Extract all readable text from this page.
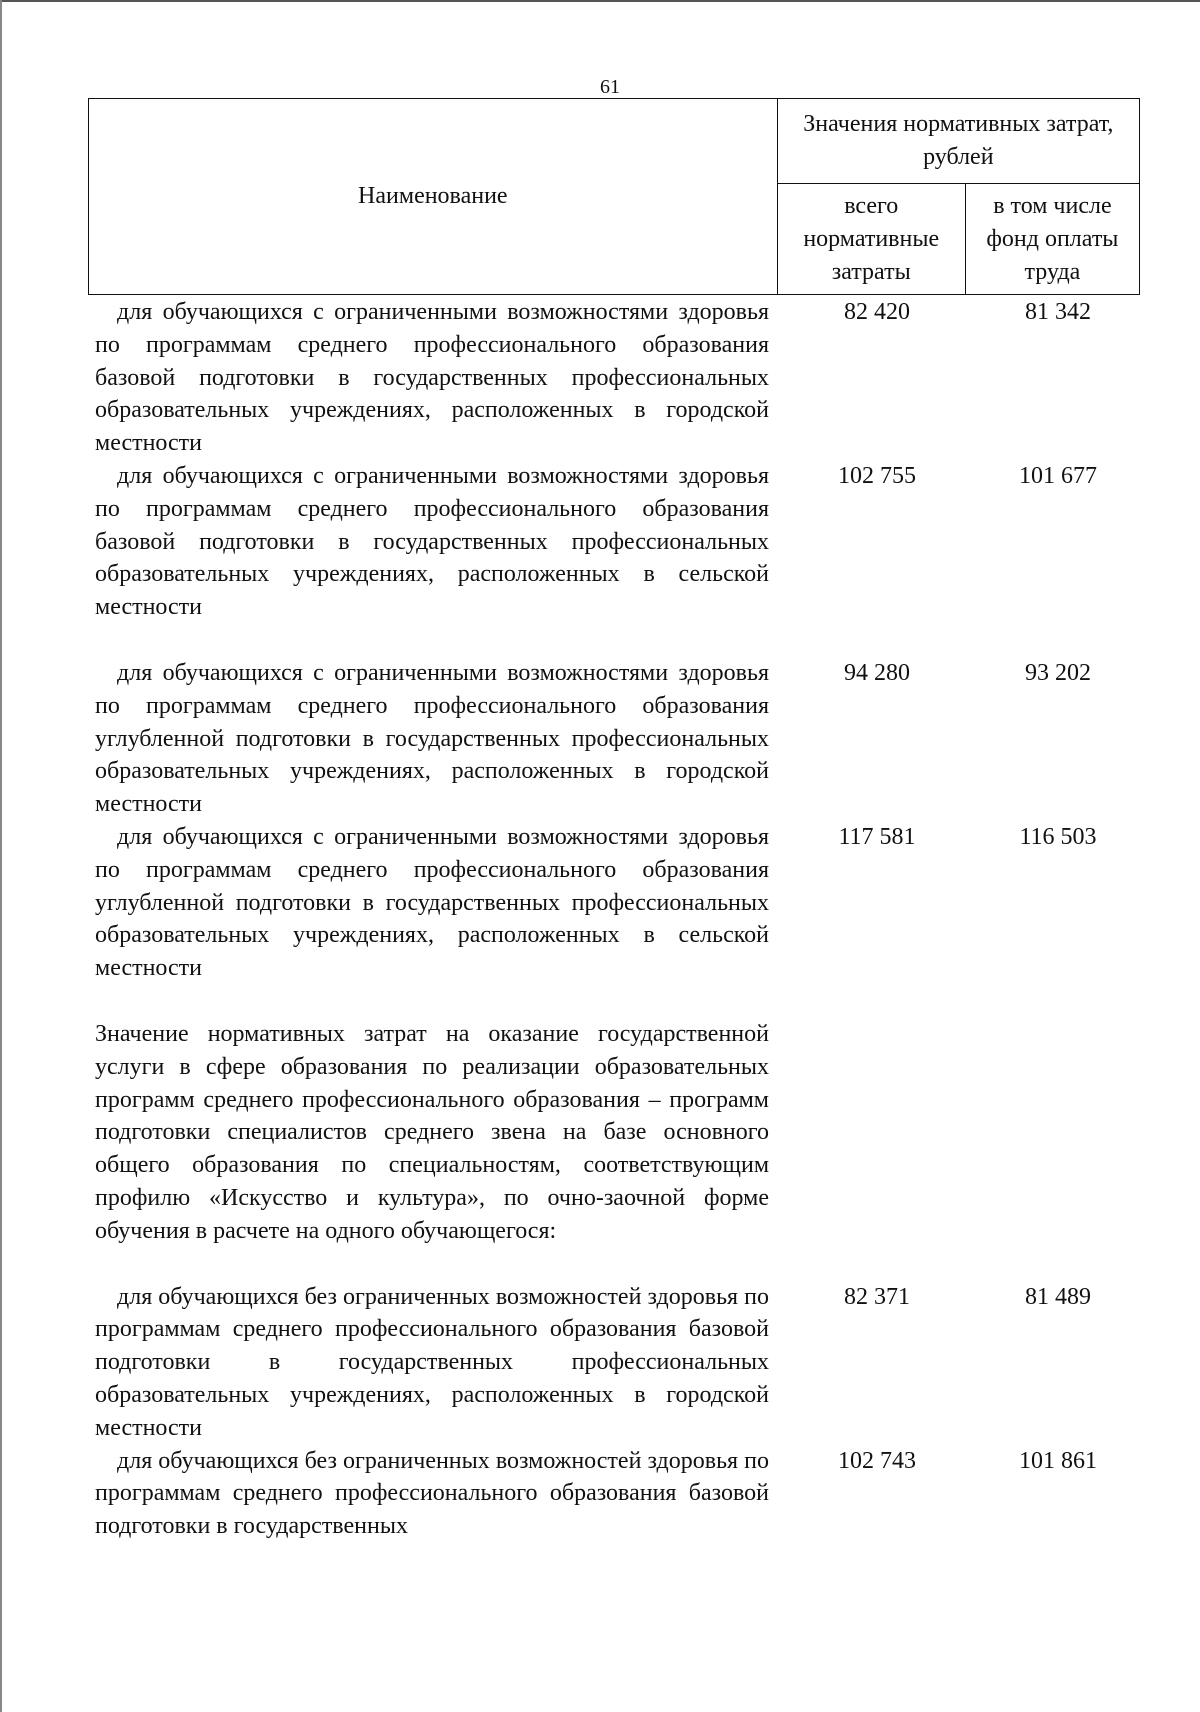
61
Наименование	Значения нормативных затрат, рублей	
	всего нормативные затраты	в том числе фонд оплаты труда
для обучающихся с ограниченными возможностями здоровья по программам среднего профессионального образования базовой подготовки в государственных профессиональных образовательных учреждениях, расположенных в городской местности
82 420	81 342
для обучающихся с ограниченными возможностями здоровья по программам среднего профессионального образования базовой подготовки в государственных профессиональных образовательных учреждениях, расположенных в сельской местности
102 755	101 677
для обучающихся с ограниченными возможностями здоровья по программам среднего профессионального образования углубленной подготовки в государственных профессиональных образовательных учреждениях, расположенных в городской местности
94 280	93 202
для обучающихся с ограниченными возможностями здоровья по программам среднего профессионального образования углубленной подготовки в государственных профессиональных образовательных учреждениях, расположенных в сельской местности
117 581	116 503
Значение нормативных затрат на оказание государственной услуги в сфере образования по реализации образовательных программ среднего профессионального образования – программ подготовки специалистов среднего звена на базе основного общего образования по специальностям, соответствующим профилю «Искусство и культура», по очно-заочной форме обучения в расчете на одного обучающегося:
для обучающихся без ограниченных возможностей здоровья по программам среднего профессионального образования базовой подготовки в государственных профессиональных образовательных учреждениях, расположенных в городской местности
82 371	81 489
для обучающихся без ограниченных возможностей здоровья по программам среднего профессионального образования базовой подготовки в государственных
102 743	101 861
